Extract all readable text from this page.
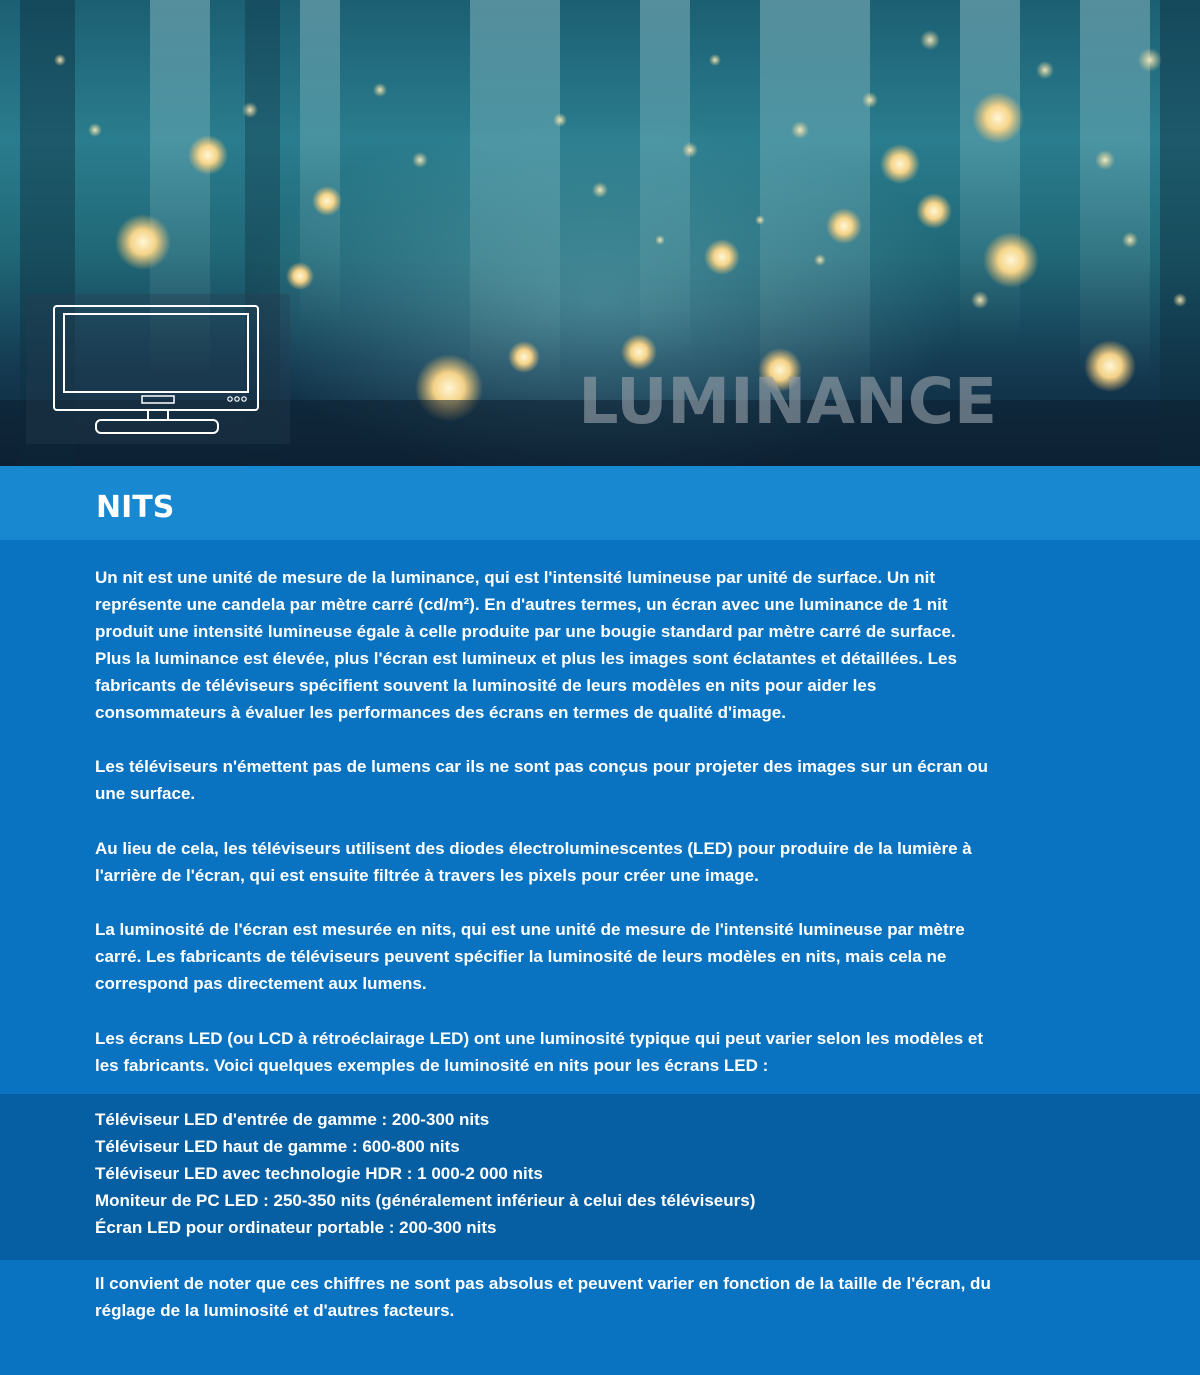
LUMINANCE
NITS

Un nit est une unité de mesure de la luminance, qui est l'intensité lumineuse par unité de surface. Un nit représente une candela par mètre carré (cd/m²). En d'autres termes, un écran avec une luminance de 1 nit produit une intensité lumineuse égale à celle produite par une bougie standard par mètre carré de surface. Plus la luminance est élevée, plus l'écran est lumineux et plus les images sont éclatantes et détaillées. Les fabricants de téléviseurs spécifient souvent la luminosité de leurs modèles en nits pour aider les consommateurs à évaluer les performances des écrans en termes de qualité d'image.

Les téléviseurs n'émettent pas de lumens car ils ne sont pas conçus pour projeter des images sur un écran ou une surface.

Au lieu de cela, les téléviseurs utilisent des diodes électroluminescentes (LED) pour produire de la lumière à l'arrière de l'écran, qui est ensuite filtrée à travers les pixels pour créer une image.

La luminosité de l'écran est mesurée en nits, qui est une unité de mesure de l'intensité lumineuse par mètre carré. Les fabricants de téléviseurs peuvent spécifier la luminosité de leurs modèles en nits, mais cela ne correspond pas directement aux lumens.

Les écrans LED (ou LCD à rétroéclairage LED) ont une luminosité typique qui peut varier selon les modèles et les fabricants. Voici quelques exemples de luminosité en nits pour les écrans LED :

Téléviseur LED d'entrée de gamme : 200-300 nits
Téléviseur LED haut de gamme : 600-800 nits
Téléviseur LED avec technologie HDR : 1 000-2 000 nits
Moniteur de PC LED : 250-350 nits (généralement inférieur à celui des téléviseurs)
Écran LED pour ordinateur portable : 200-300 nits

Il convient de noter que ces chiffres ne sont pas absolus et peuvent varier en fonction de la taille de l'écran, du réglage de la luminosité et d'autres facteurs.
